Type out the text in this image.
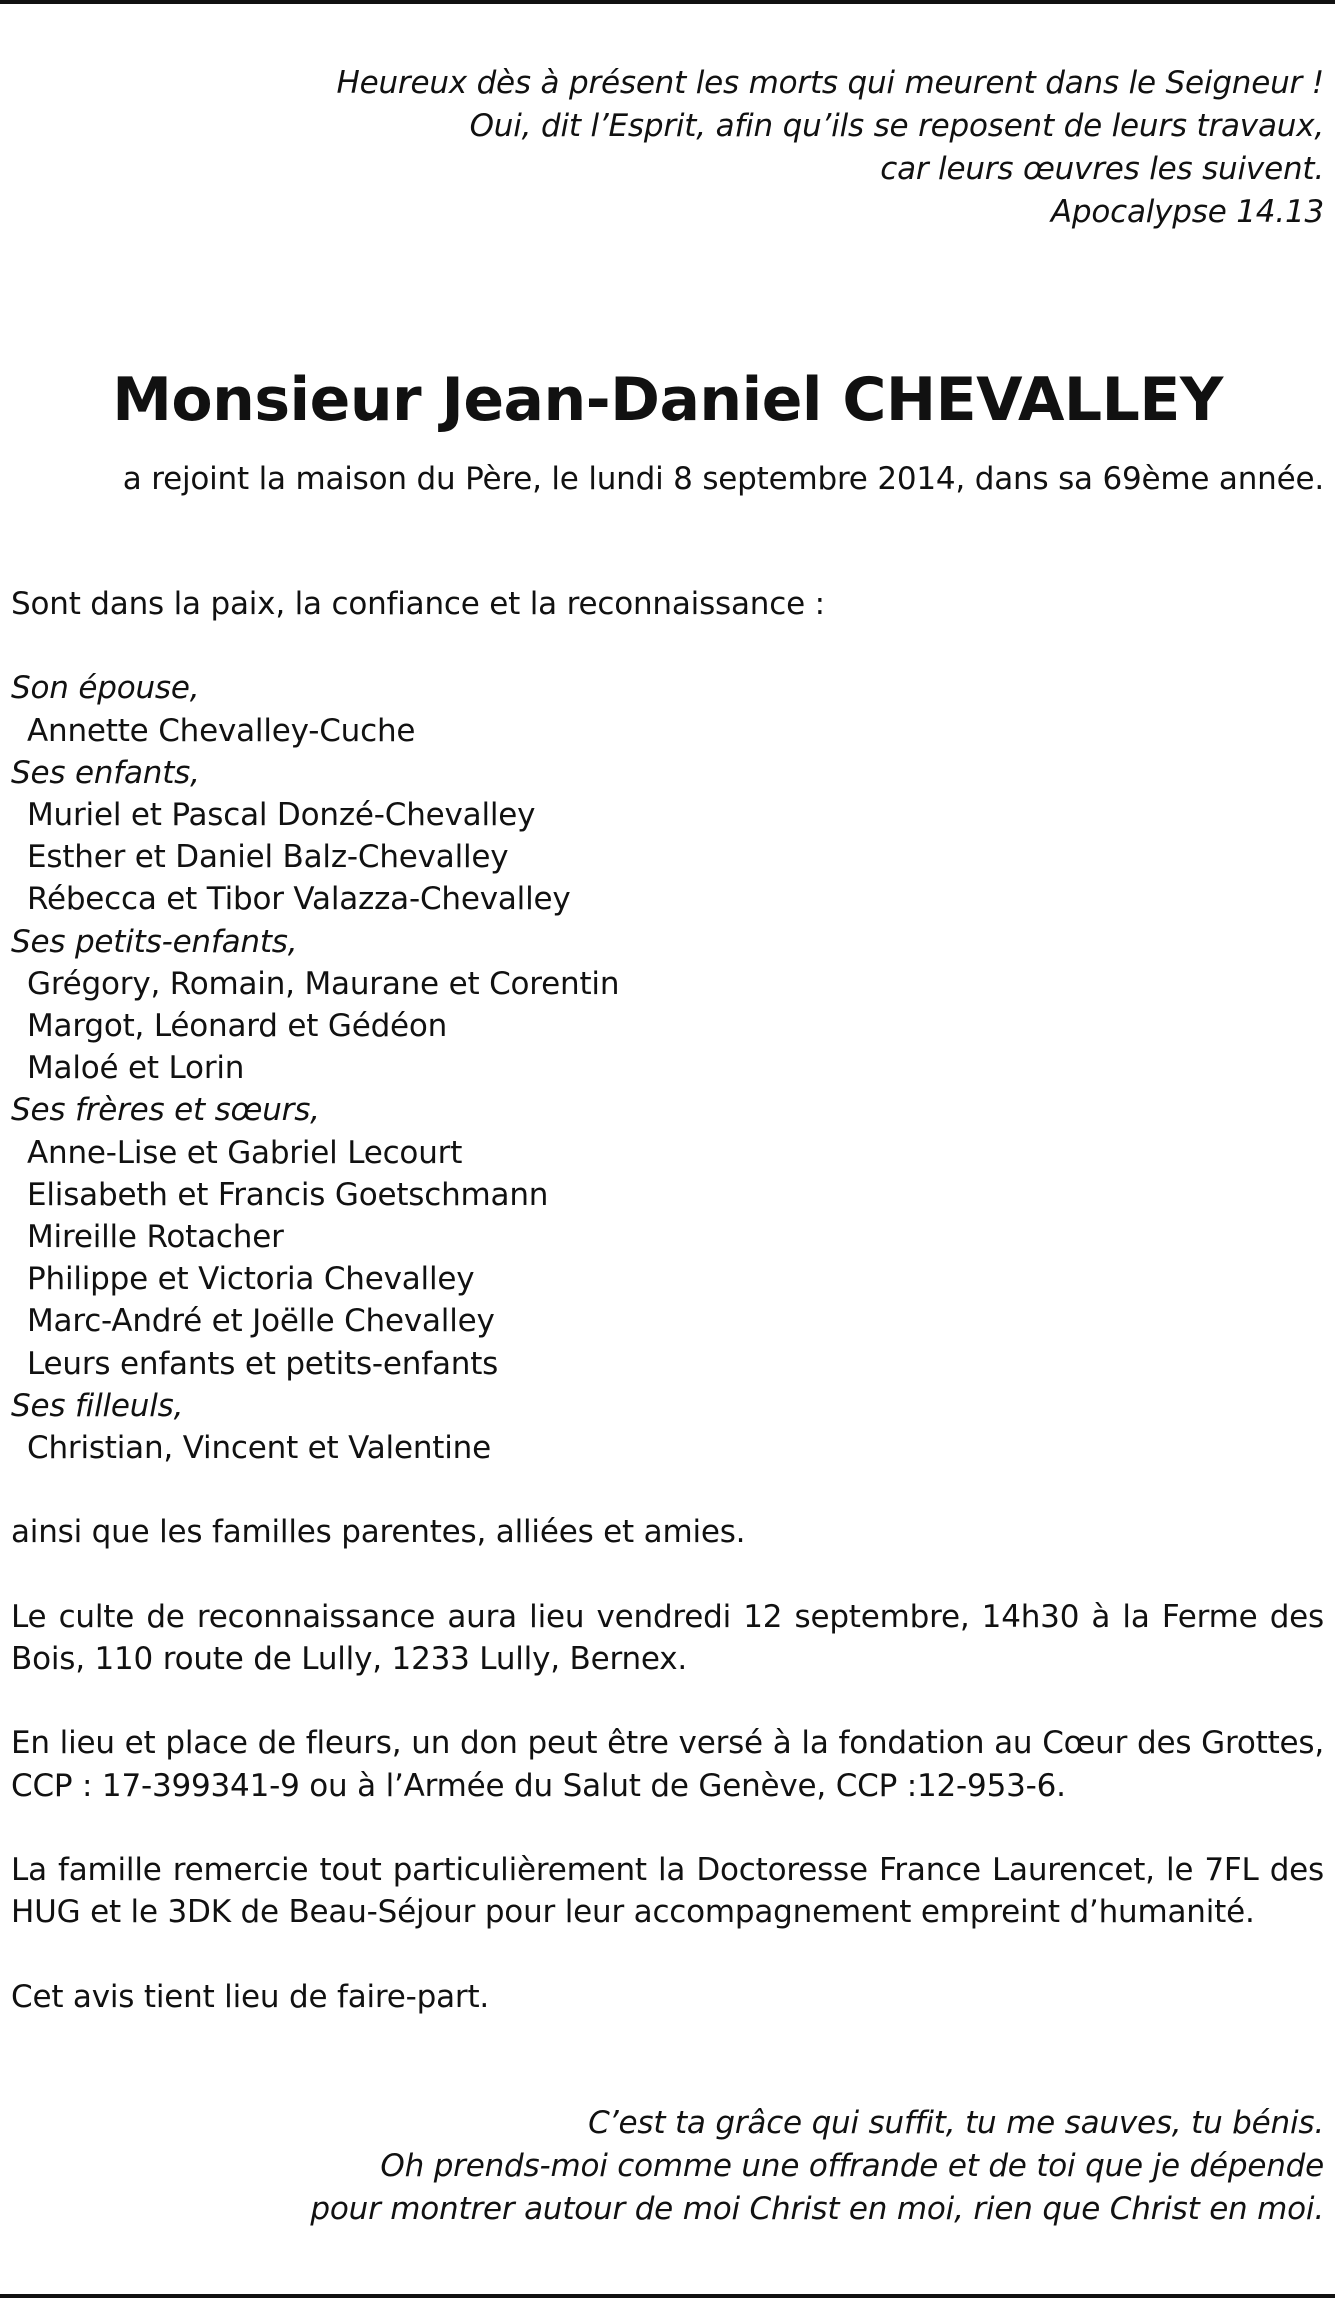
Heureux dès à présent les morts qui meurent dans le Seigneur !
Oui, dit l’Esprit, afin qu’ils se reposent de leurs travaux,
car leurs œuvres les suivent.
Apocalypse 14.13
Monsieur Jean-Daniel CHEVALLEY

a rejoint la maison du Père, le lundi 8 septembre 2014, dans sa 69ème année.

Sont dans la paix, la confiance et la reconnaissance :

Son épouse,
Annette Chevalley-Cuche
Ses enfants,
Muriel et Pascal Donzé-Chevalley
Esther et Daniel Balz-Chevalley
Rébecca et Tibor Valazza-Chevalley
Ses petits-enfants,
Grégory, Romain, Maurane et Corentin
Margot, Léonard et Gédéon
Maloé et Lorin
Ses frères et sœurs,
Anne-Lise et Gabriel Lecourt
Elisabeth et Francis Goetschmann
Mireille Rotacher
Philippe et Victoria Chevalley
Marc-André et Joëlle Chevalley
Leurs enfants et petits-enfants
Ses filleuls,
Christian, Vincent et Valentine

ainsi que les familles parentes, alliées et amies.

Le culte de reconnaissance aura lieu vendredi 12 septembre, 14h30 à la Ferme des Bois, 110 route de Lully, 1233 Lully, Bernex.

En lieu et place de fleurs, un don peut être versé à la fondation au Cœur des Grottes, CCP : 17-399341-9 ou à l’Armée du Salut de Genève, CCP :12-953-6.

La famille remercie tout particulièrement la Doctoresse France Laurencet, le 7FL des HUG et le 3DK de Beau-Séjour pour leur accompagnement empreint d’humanité.

Cet avis tient lieu de faire-part.

C’est ta grâce qui suffit, tu me sauves, tu bénis.
Oh prends-moi comme une offrande et de toi que je dépende
pour montrer autour de moi Christ en moi, rien que Christ en moi.
